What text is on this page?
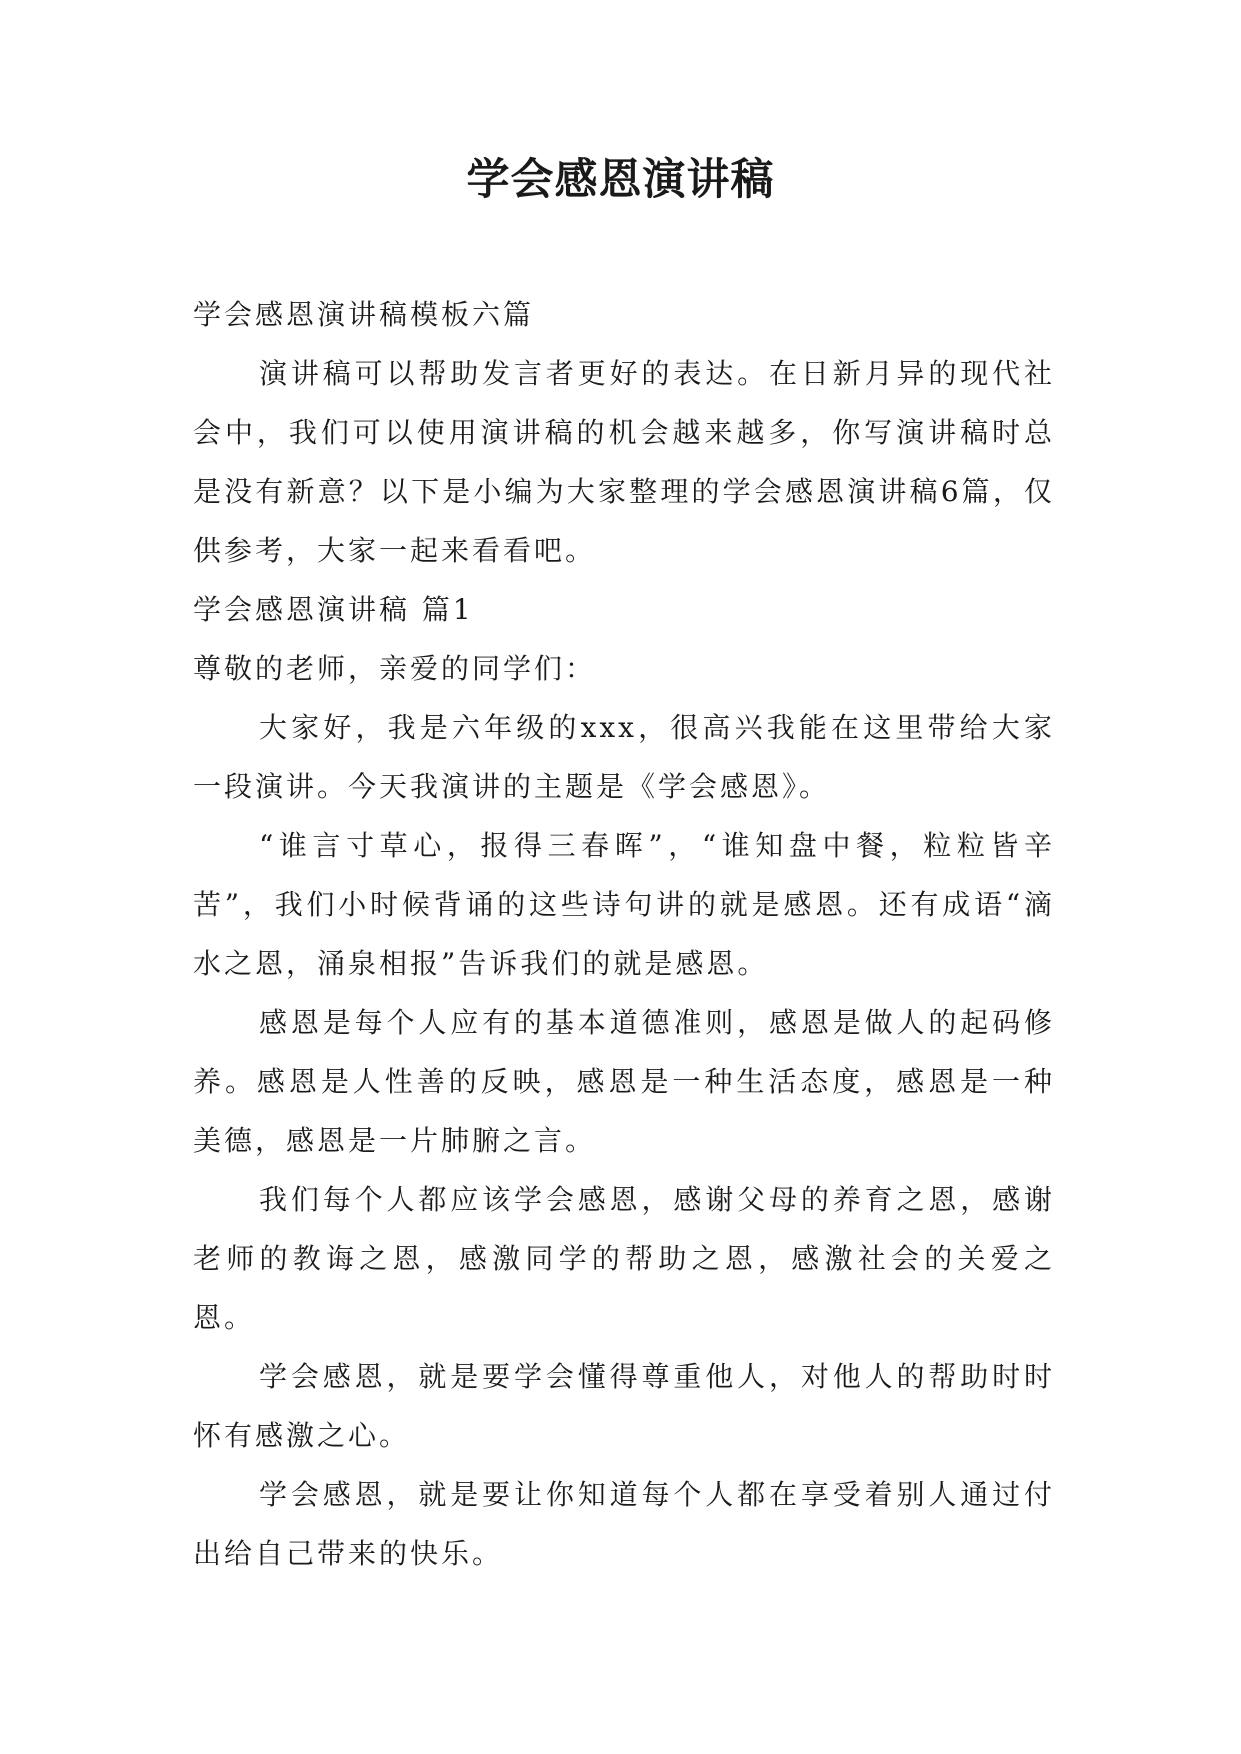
学会感恩演讲稿

学会感恩演讲稿模板六篇

演讲稿可以帮助发言者更好的表达。在日新月异的现代社会中，我们可以使用演讲稿的机会越来越多，你写演讲稿时总是没有新意？以下是小编为大家整理的学会感恩演讲稿6篇，仅供参考，大家一起来看看吧。

学会感恩演讲稿 篇1

尊敬的老师，亲爱的同学们：

大家好，我是六年级的xxx，很高兴我能在这里带给大家一段演讲。今天我演讲的主题是《学会感恩》。

“谁言寸草心，报得三春晖”，“谁知盘中餐，粒粒皆辛苦”，我们小时候背诵的这些诗句讲的就是感恩。还有成语“滴水之恩，涌泉相报”告诉我们的就是感恩。

感恩是每个人应有的基本道德准则，感恩是做人的起码修养。感恩是人性善的反映，感恩是一种生活态度，感恩是一种美德，感恩是一片肺腑之言。

我们每个人都应该学会感恩，感谢父母的养育之恩，感谢老师的教诲之恩，感激同学的帮助之恩，感激社会的关爱之恩。

学会感恩，就是要学会懂得尊重他人，对他人的帮助时时怀有感激之心。

学会感恩，就是要让你知道每个人都在享受着别人通过付出给自己带来的快乐。
